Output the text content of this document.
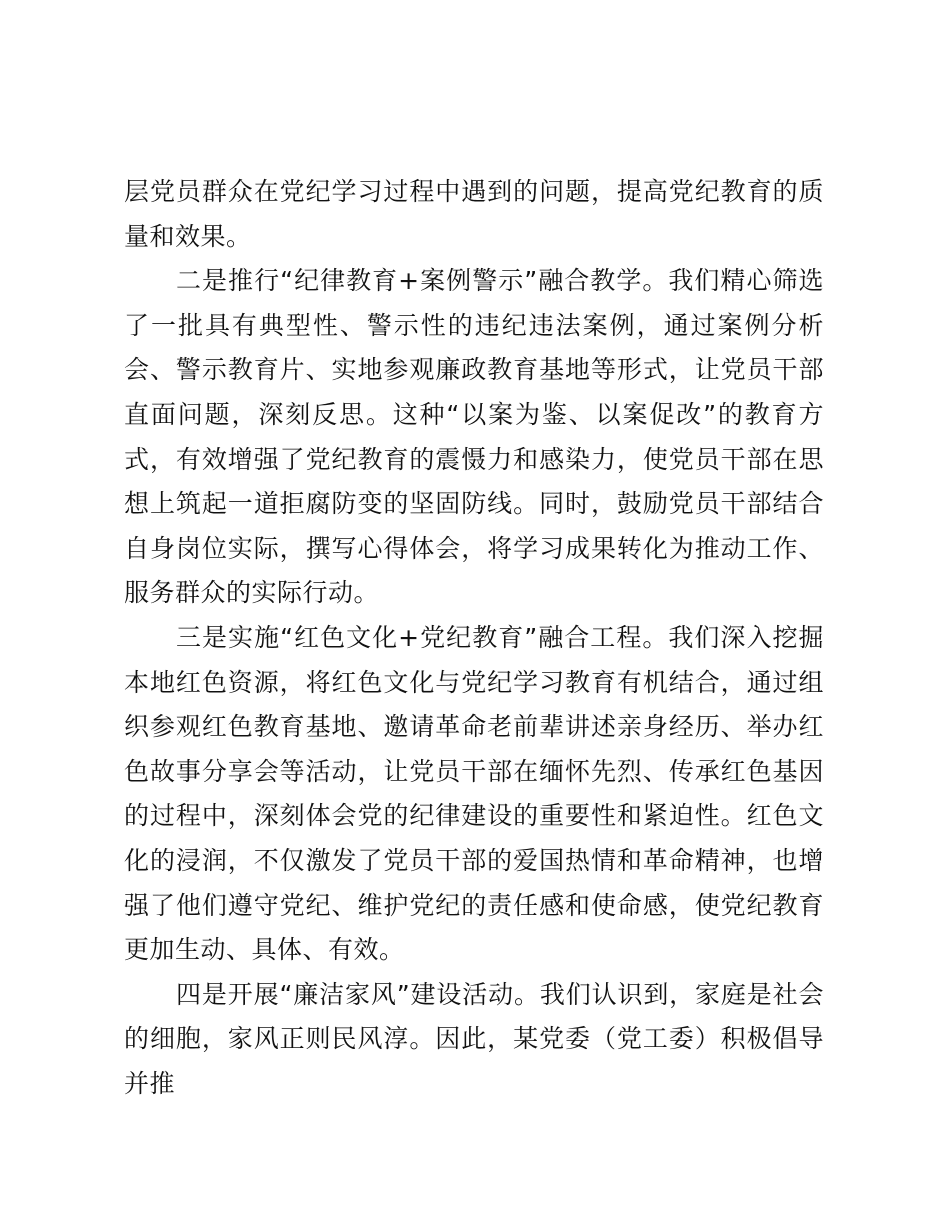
层党员群众在党纪学习过程中遇到的问题，提高党纪教育的质量和效果。

二是推行“纪律教育+案例警示”融合教学。我们精心筛选了一批具有典型性、警示性的违纪违法案例，通过案例分析会、警示教育片、实地参观廉政教育基地等形式，让党员干部直面问题，深刻反思。这种“以案为鉴、以案促改”的教育方式，有效增强了党纪教育的震慑力和感染力，使党员干部在思想上筑起一道拒腐防变的坚固防线。同时，鼓励党员干部结合自身岗位实际，撰写心得体会，将学习成果转化为推动工作、服务群众的实际行动。

三是实施“红色文化+党纪教育”融合工程。我们深入挖掘本地红色资源，将红色文化与党纪学习教育有机结合，通过组织参观红色教育基地、邀请革命老前辈讲述亲身经历、举办红色故事分享会等活动，让党员干部在缅怀先烈、传承红色基因的过程中，深刻体会党的纪律建设的重要性和紧迫性。红色文化的浸润，不仅激发了党员干部的爱国热情和革命精神，也增强了他们遵守党纪、维护党纪的责任感和使命感，使党纪教育更加生动、具体、有效。

四是开展“廉洁家风”建设活动。我们认识到，家庭是社会的细胞，家风正则民风淳。因此，某党委（党工委）积极倡导并推
